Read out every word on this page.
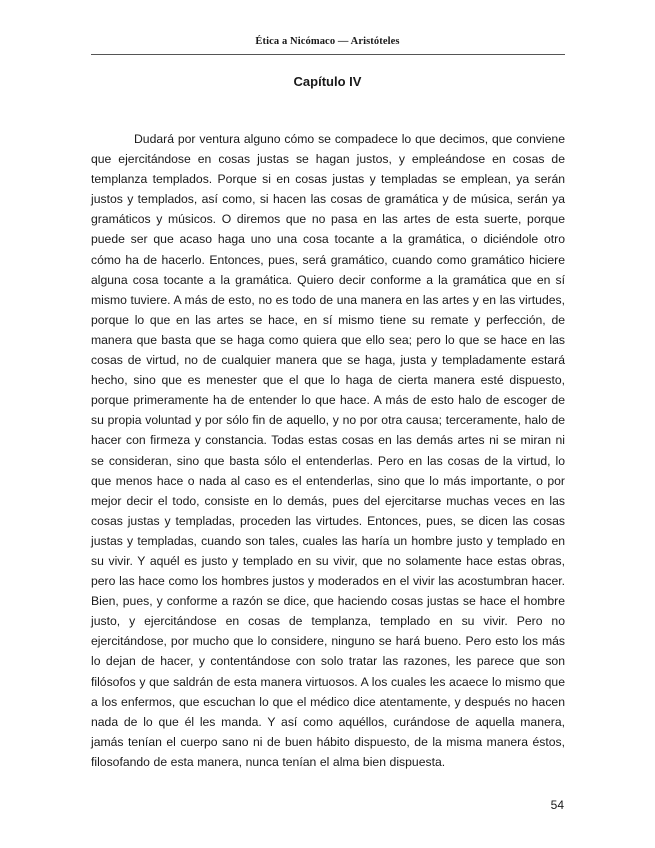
Ética a Nicómaco — Aristóteles
Capítulo IV

Dudará por ventura alguno cómo se compadece lo que decimos, que conviene que ejercitándose en cosas justas se hagan justos, y empleándose en cosas de templanza templados. Porque si en cosas justas y templadas se emplean, ya serán justos y templados, así como, si hacen las cosas de gramática y de música, serán ya gramáticos y músicos. O diremos que no pasa en las artes de esta suerte, porque puede ser que acaso haga uno una cosa tocante a la gramática, o diciéndole otro cómo ha de hacerlo. Entonces, pues, será gramático, cuando como gramático hiciere alguna cosa tocante a la gramática. Quiero decir conforme a la gramática que en sí mismo tuviere. A más de esto, no es todo de una manera en las artes y en las virtudes, porque lo que en las artes se hace, en sí mismo tiene su remate y perfección, de manera que basta que se haga como quiera que ello sea; pero lo que se hace en las cosas de virtud, no de cualquier manera que se haga, justa y templadamente estará hecho, sino que es menester que el que lo haga de cierta manera esté dispuesto, porque primeramente ha de entender lo que hace. A más de esto halo de escoger de su propia voluntad y por sólo fin de aquello, y no por otra causa; terceramente, halo de hacer con firmeza y constancia. Todas estas cosas en las demás artes ni se miran ni se consideran, sino que basta sólo el entenderlas. Pero en las cosas de la virtud, lo que menos hace o nada al caso es el entenderlas, sino que lo más importante, o por mejor decir el todo, consiste en lo demás, pues del ejercitarse muchas veces en las cosas justas y templadas, proceden las virtudes. Entonces, pues, se dicen las cosas justas y templadas, cuando son tales, cuales las haría un hombre justo y templado en su vivir. Y aquél es justo y templado en su vivir, que no solamente hace estas obras, pero las hace como los hombres justos y moderados en el vivir las acostumbran hacer. Bien, pues, y conforme a razón se dice, que haciendo cosas justas se hace el hombre justo, y ejercitándose en cosas de templanza, templado en su vivir. Pero no ejercitándose, por mucho que lo considere, ninguno se hará bueno. Pero esto los más lo dejan de hacer, y contentándose con solo tratar las razones, les parece que son filósofos y que saldrán de esta manera virtuosos. A los cuales les acaece lo mismo que a los enfermos, que escuchan lo que el médico dice atentamente, y después no hacen nada de lo que él les manda. Y así como aquéllos, curándose de aquella manera, jamás tenían el cuerpo sano ni de buen hábito dispuesto, de la misma manera éstos, filosofando de esta manera, nunca tenían el alma bien dispuesta.

54
